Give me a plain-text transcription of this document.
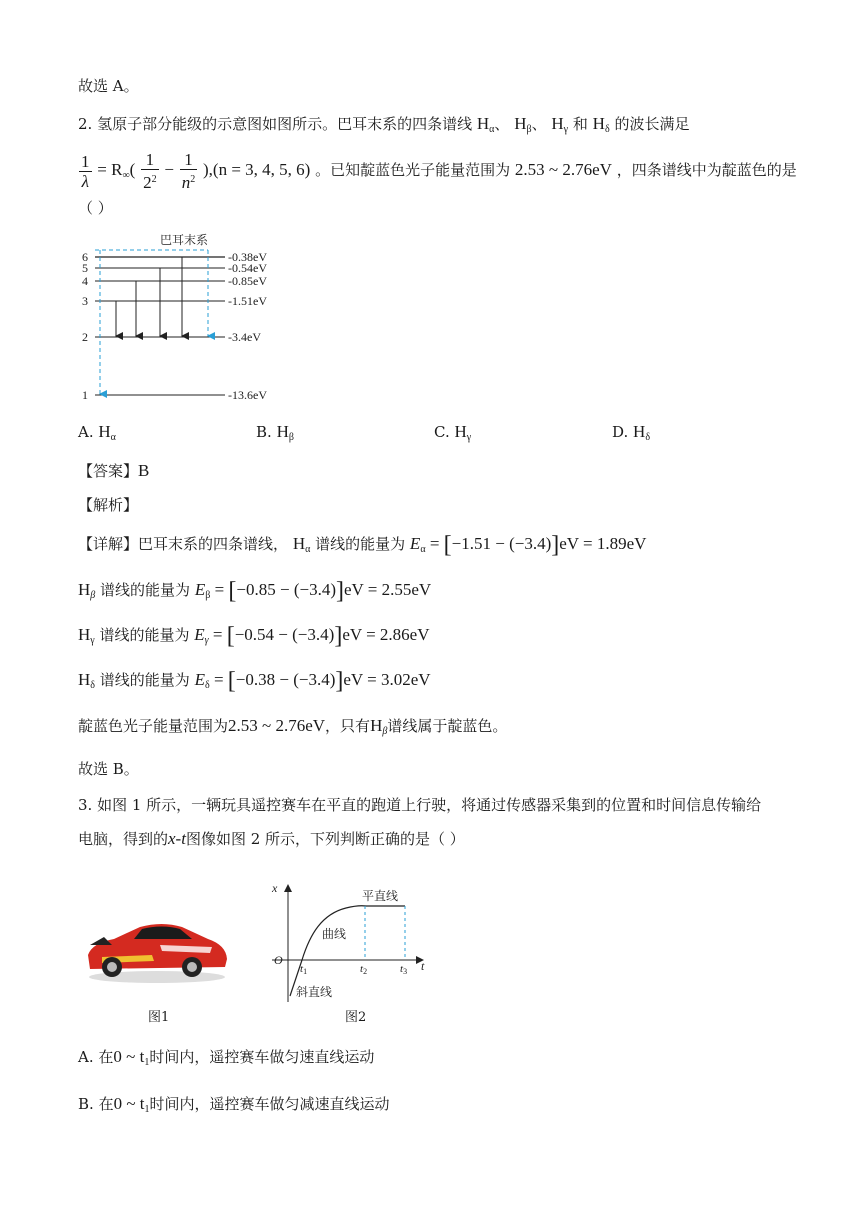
故选 A。
2. 氢原子部分能级的示意图如图所示。巴耳末系的四条谱线 $H_\alpha$、 $H_\beta$、 $H_\gamma$ 和 $H_\delta$ 的波长满足
$\frac{1}{\lambda} = R_\infty( \frac{1}{2^2} - \frac{1}{n^2} ),(n = 3$, 4, 5, 6) 。已知靛蓝色光子能量范围为 2.53 ~ 2.76eV ，四条谱线中为靛蓝色的是
（ ）
巴耳末系
6
5
4
3
2
1
-0.38eV
-0.54eV
-0.85eV
-1.51eV
-3.4eV
-13.6eV
A. $H_\alpha$	B. $H_\beta$	C. $H_\gamma$	D. $H_\delta$
【答案】B
【解析】
【详解】巴耳末系的四条谱线， $H_\alpha$ 谱线的能量为 $E_\alpha = [-1.51 - (-3.4)]eV = 1.89eV$
$H_\beta$ 谱线的能量为 $E_\beta = [-0.85 - (-3.4)]eV = 2.55eV$
$H_\gamma$ 谱线的能量为 $E_\gamma = [-0.54 - (-3.4)]eV = 2.86eV$
$H_\delta$ 谱线的能量为 $E_\delta = [-0.38 - (-3.4)]eV = 3.02eV$
靛蓝色光子能量范围为2.53 ~ 2.76eV，只有$H_\beta$谱线属于靛蓝色。
故选 B。
3. 如图 1 所示，一辆玩具遥控赛车在平直的跑道上行驶，将通过传感器采集到的位置和时间信息传输给
电脑，得到的x-t图像如图 2 所示，下列判断正确的是（ ）
图1
x
t
O
t1	t2	t3
平直线
曲线
斜直线
图2
A. 在0 ~ $t_1$时间内，遥控赛车做匀速直线运动
B. 在0 ~ $t_1$时间内，遥控赛车做匀减速直线运动
